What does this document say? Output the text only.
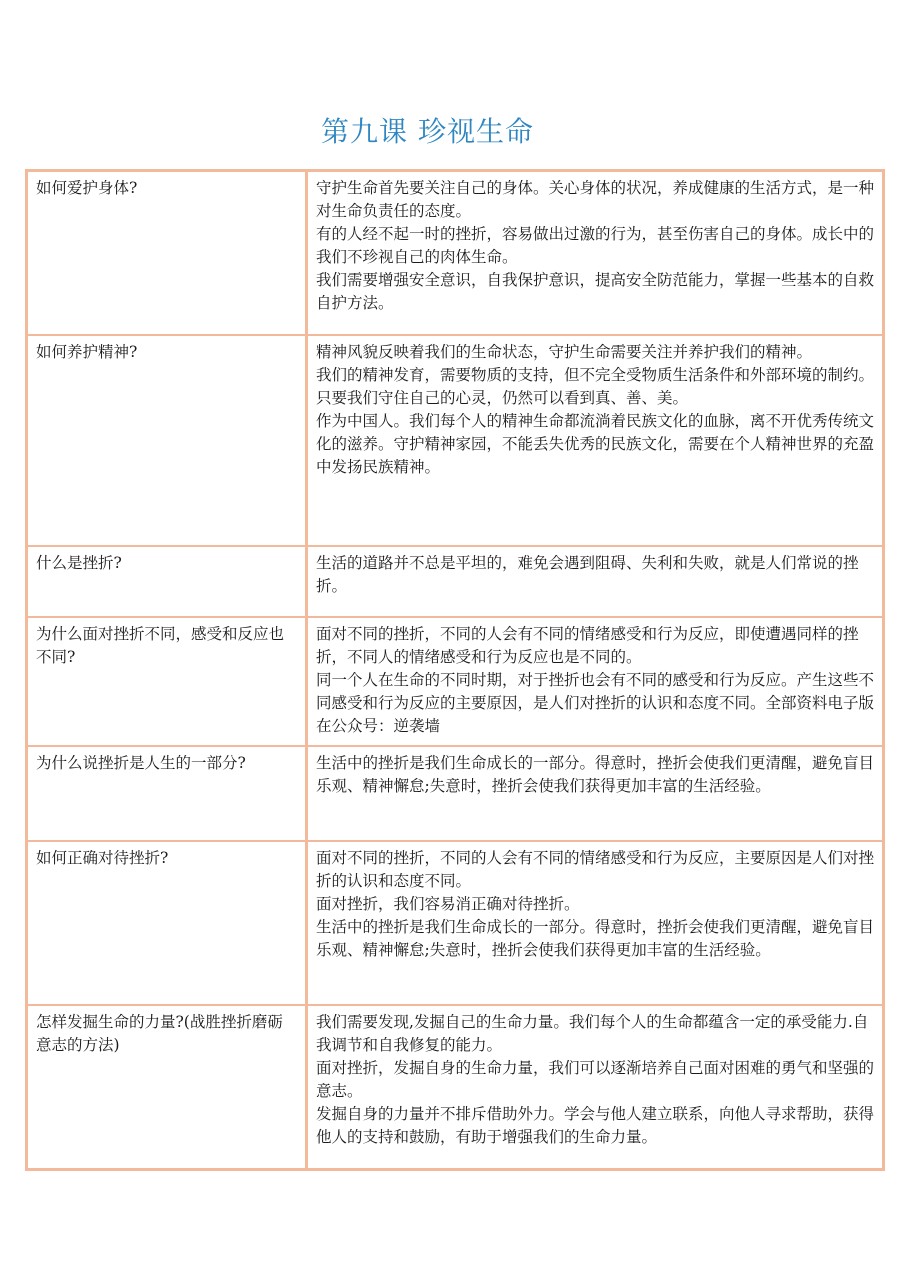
第九课 珍视生命
如何爱护身体?	守护生命首先要关注自己的身体。关心身体的状况，养成健康的生活方式，是一种对生命负责任的态度。
有的人经不起一时的挫折，容易做出过激的行为，甚至伤害自己的身体。成长中的我们不珍视自己的肉体生命。
我们需要增强安全意识，自我保护意识，提高安全防范能力，掌握一些基本的自救自护方法。

如何养护精神?	精神风貌反映着我们的生命状态，守护生命需要关注并养护我们的精神。
我们的精神发育，需要物质的支持，但不完全受物质生活条件和外部环境的制约。
只要我们守住自己的心灵，仍然可以看到真、善、美。
作为中国人。我们每个人的精神生命都流淌着民族文化的血脉，离不开优秀传统文化的滋养。守护精神家园，不能丢失优秀的民族文化，需要在个人精神世界的充盈中发扬民族精神。

什么是挫折?	生活的道路并不总是平坦的，难免会遇到阻碍、失利和失败，就是人们常说的挫折。

为什么面对挫折不同，感受和反应也不同?	面对不同的挫折，不同的人会有不同的情绪感受和行为反应，即使遭遇同样的挫折，不同人的情绪感受和行为反应也是不同的。
同一个人在生命的不同时期，对于挫折也会有不同的感受和行为反应。产生这些不同感受和行为反应的主要原因，是人们对挫折的认识和态度不同。全部资料电子版在公众号：逆袭墙

为什么说挫折是人生的一部分?	生活中的挫折是我们生命成长的一部分。得意时，挫折会使我们更清醒，避免盲目乐观、精神懈怠;失意时，挫折会使我们获得更加丰富的生活经验。

如何正确对待挫折?	面对不同的挫折，不同的人会有不同的情绪感受和行为反应，主要原因是人们对挫折的认识和态度不同。
面对挫折，我们容易消正确对待挫折。
生活中的挫折是我们生命成长的一部分。得意时，挫折会使我们更清醒，避免盲目乐观、精神懈怠;失意时，挫折会使我们获得更加丰富的生活经验。

怎样发掘生命的力量?(战胜挫折磨砺意志的方法)	我们需要发现,发掘自己的生命力量。我们每个人的生命都蕴含一定的承受能力.自我调节和自我修复的能力。
面对挫折，发掘自身的生命力量，我们可以逐渐培养自己面对困难的勇气和坚强的意志。
发掘自身的力量并不排斥借助外力。学会与他人建立联系，向他人寻求帮助，获得他人的支持和鼓励，有助于增强我们的生命力量。
